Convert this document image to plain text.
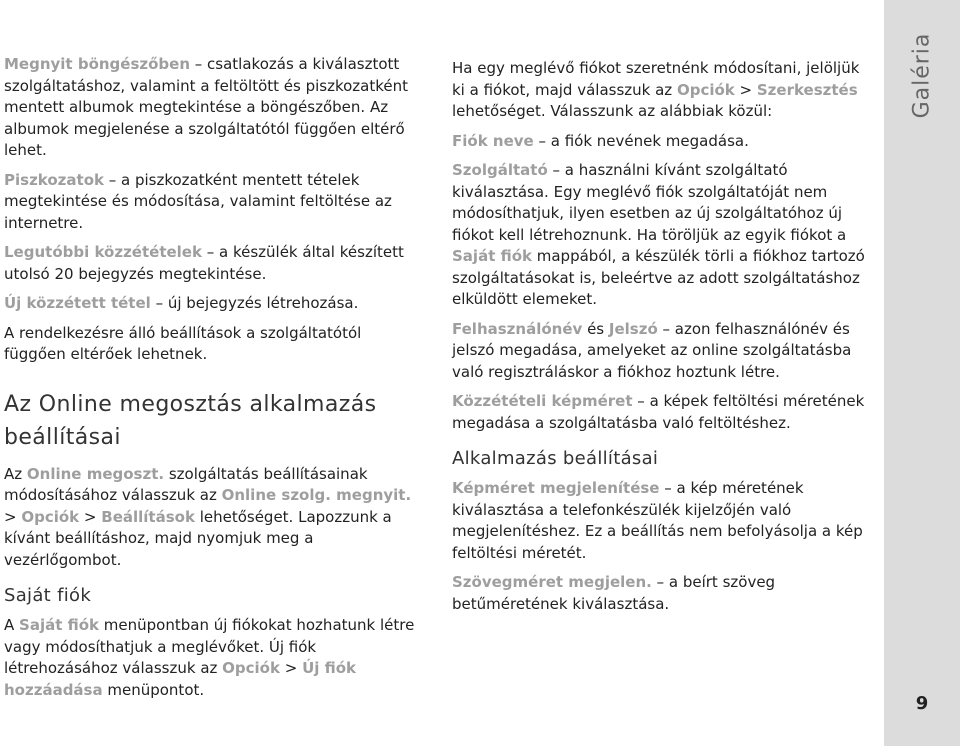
Megnyit böngészőben – csatlakozás a kiválasztott szolgáltatáshoz, valamint a feltöltött és piszkozatként mentett albumok megtekintése a böngészőben. Az albumok megjelenése a szolgáltatótól függően eltérő lehet.

Piszkozatok – a piszkozatként mentett tételek megtekintése és módosítása, valamint feltöltése az internetre.

Legutóbbi közzétételek – a készülék által készített utolsó 20 bejegyzés megtekintése.

Új közzétett tétel – új bejegyzés létrehozása.

A rendelkezésre álló beállítások a szolgáltatótól függően eltérőek lehetnek.

Az Online megosztás alkalmazás beállításai

Az Online megoszt. szolgáltatás beállításainak módosításához válasszuk az Online szolg. megnyit. > Opciók > Beállítások lehetőséget. Lapozzunk a kívánt beállításhoz, majd nyomjuk meg a vezérlőgombot.

Saját fiók

A Saját fiók menüpontban új fiókokat hozhatunk létre vagy módosíthatjuk a meglévőket. Új fiók létrehozásához válasszuk az Opciók > Új fiók hozzáadása menüpontot.

Ha egy meglévő fiókot szeretnénk módosítani, jelöljük ki a fiókot, majd válasszuk az Opciók > Szerkesztés lehetőséget. Válasszunk az alábbiak közül:

Fiók neve – a fiók nevének megadása.

Szolgáltató – a használni kívánt szolgáltató kiválasztása. Egy meglévő fiók szolgáltatóját nem módosíthatjuk, ilyen esetben az új szolgáltatóhoz új fiókot kell létrehoznunk. Ha töröljük az egyik fiókot a Saját fiók mappából, a készülék törli a fiókhoz tartozó szolgáltatásokat is, beleértve az adott szolgáltatáshoz elküldött elemeket.

Felhasználónév és Jelszó – azon felhasználónév és jelszó megadása, amelyeket az online szolgáltatásba való regisztráláskor a fiókhoz hoztunk létre.

Közzétételi képméret – a képek feltöltési méretének megadása a szolgáltatásba való feltöltéshez.

Alkalmazás beállításai

Képméret megjelenítése – a kép méretének kiválasztása a telefonkészülék kijelzőjén való megjelenítéshez. Ez a beállítás nem befolyásolja a kép feltöltési méretét.

Szövegméret megjelen. – a beírt szöveg betűméretének kiválasztása.

Galéria
9
